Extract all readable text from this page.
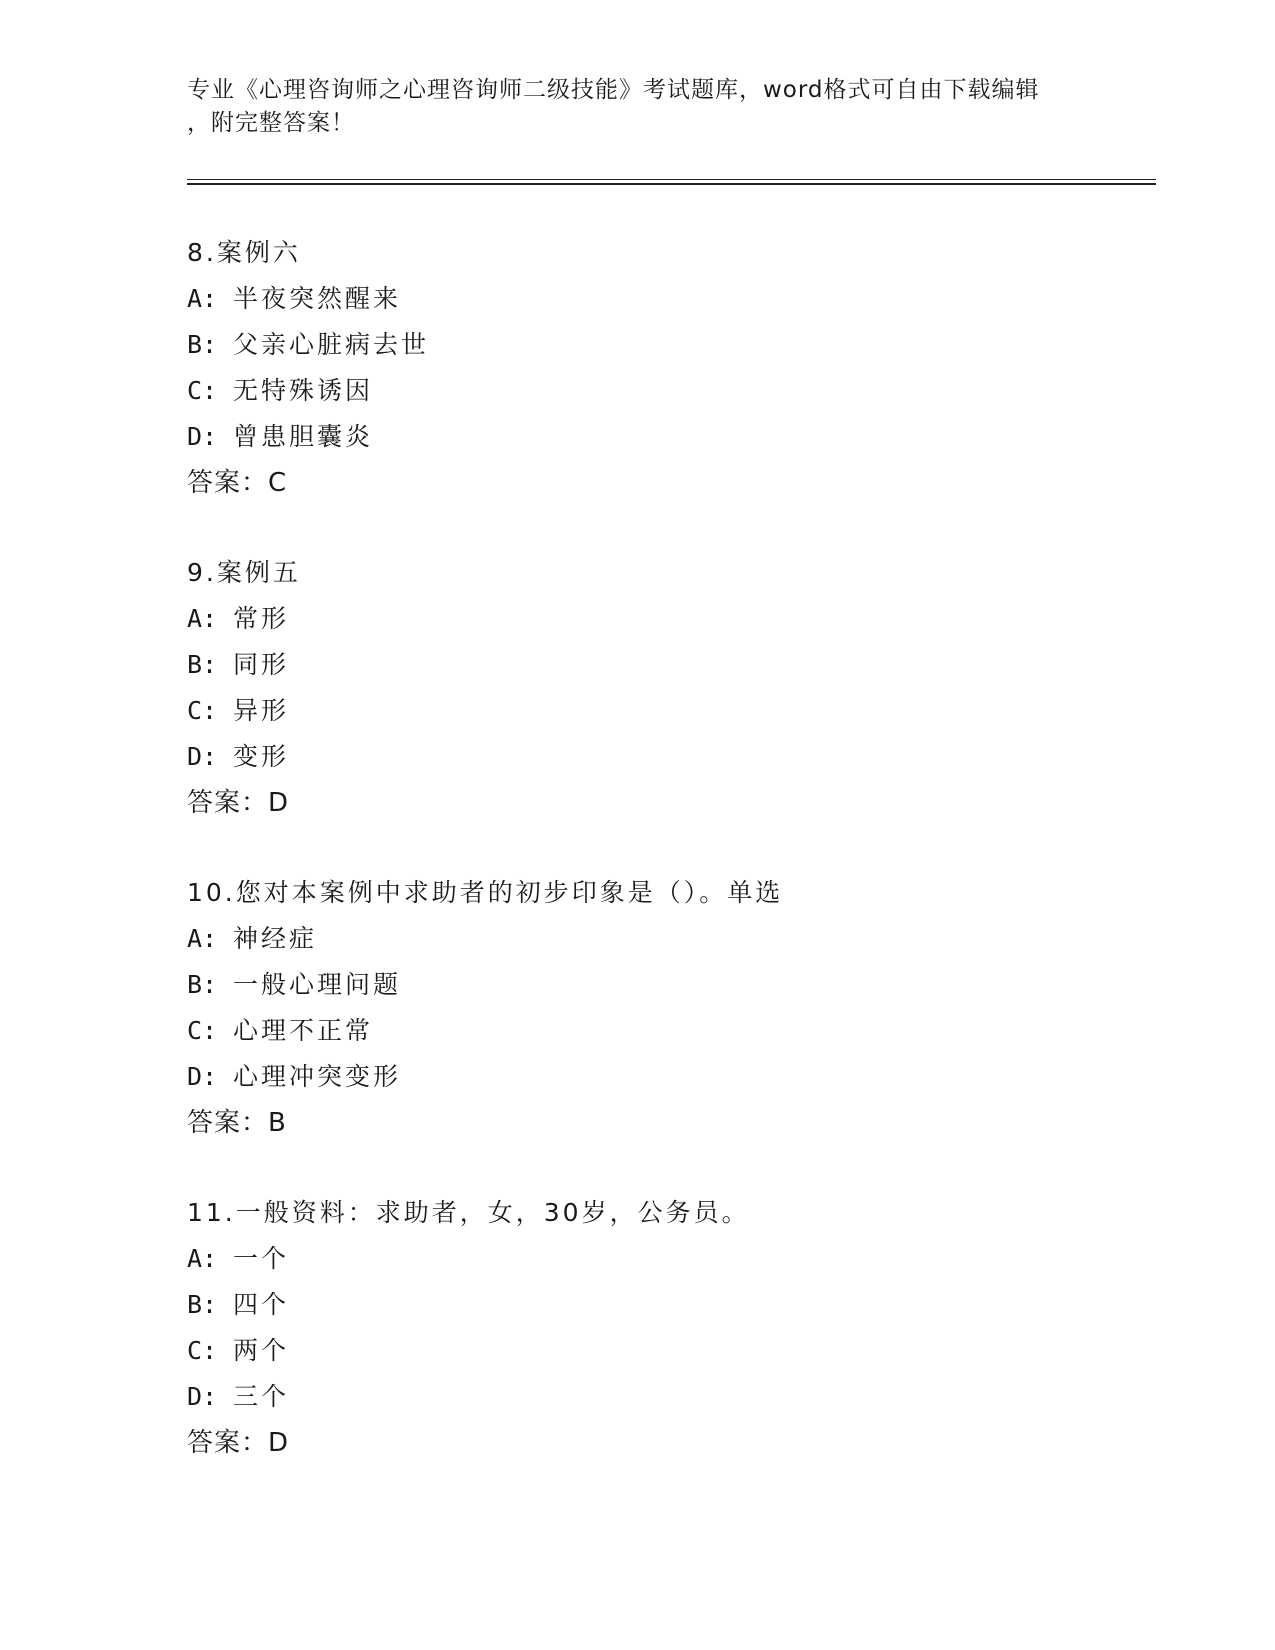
专业《心理咨询师之心理咨询师二级技能》考试题库，word格式可自由下载编辑
，附完整答案！
8.案例六
A: 半夜突然醒来
B: 父亲心脏病去世
C: 无特殊诱因
D: 曾患胆囊炎
答案：C
9.案例五
A: 常形
B: 同形
C: 异形
D: 变形
答案：D
10.您对本案例中求助者的初步印象是（）。单选
A: 神经症
B: 一般心理问题
C: 心理不正常
D: 心理冲突变形
答案：B
11.一般资料：求助者，女，30岁，公务员。
A: 一个
B: 四个
C: 两个
D: 三个
答案：D
